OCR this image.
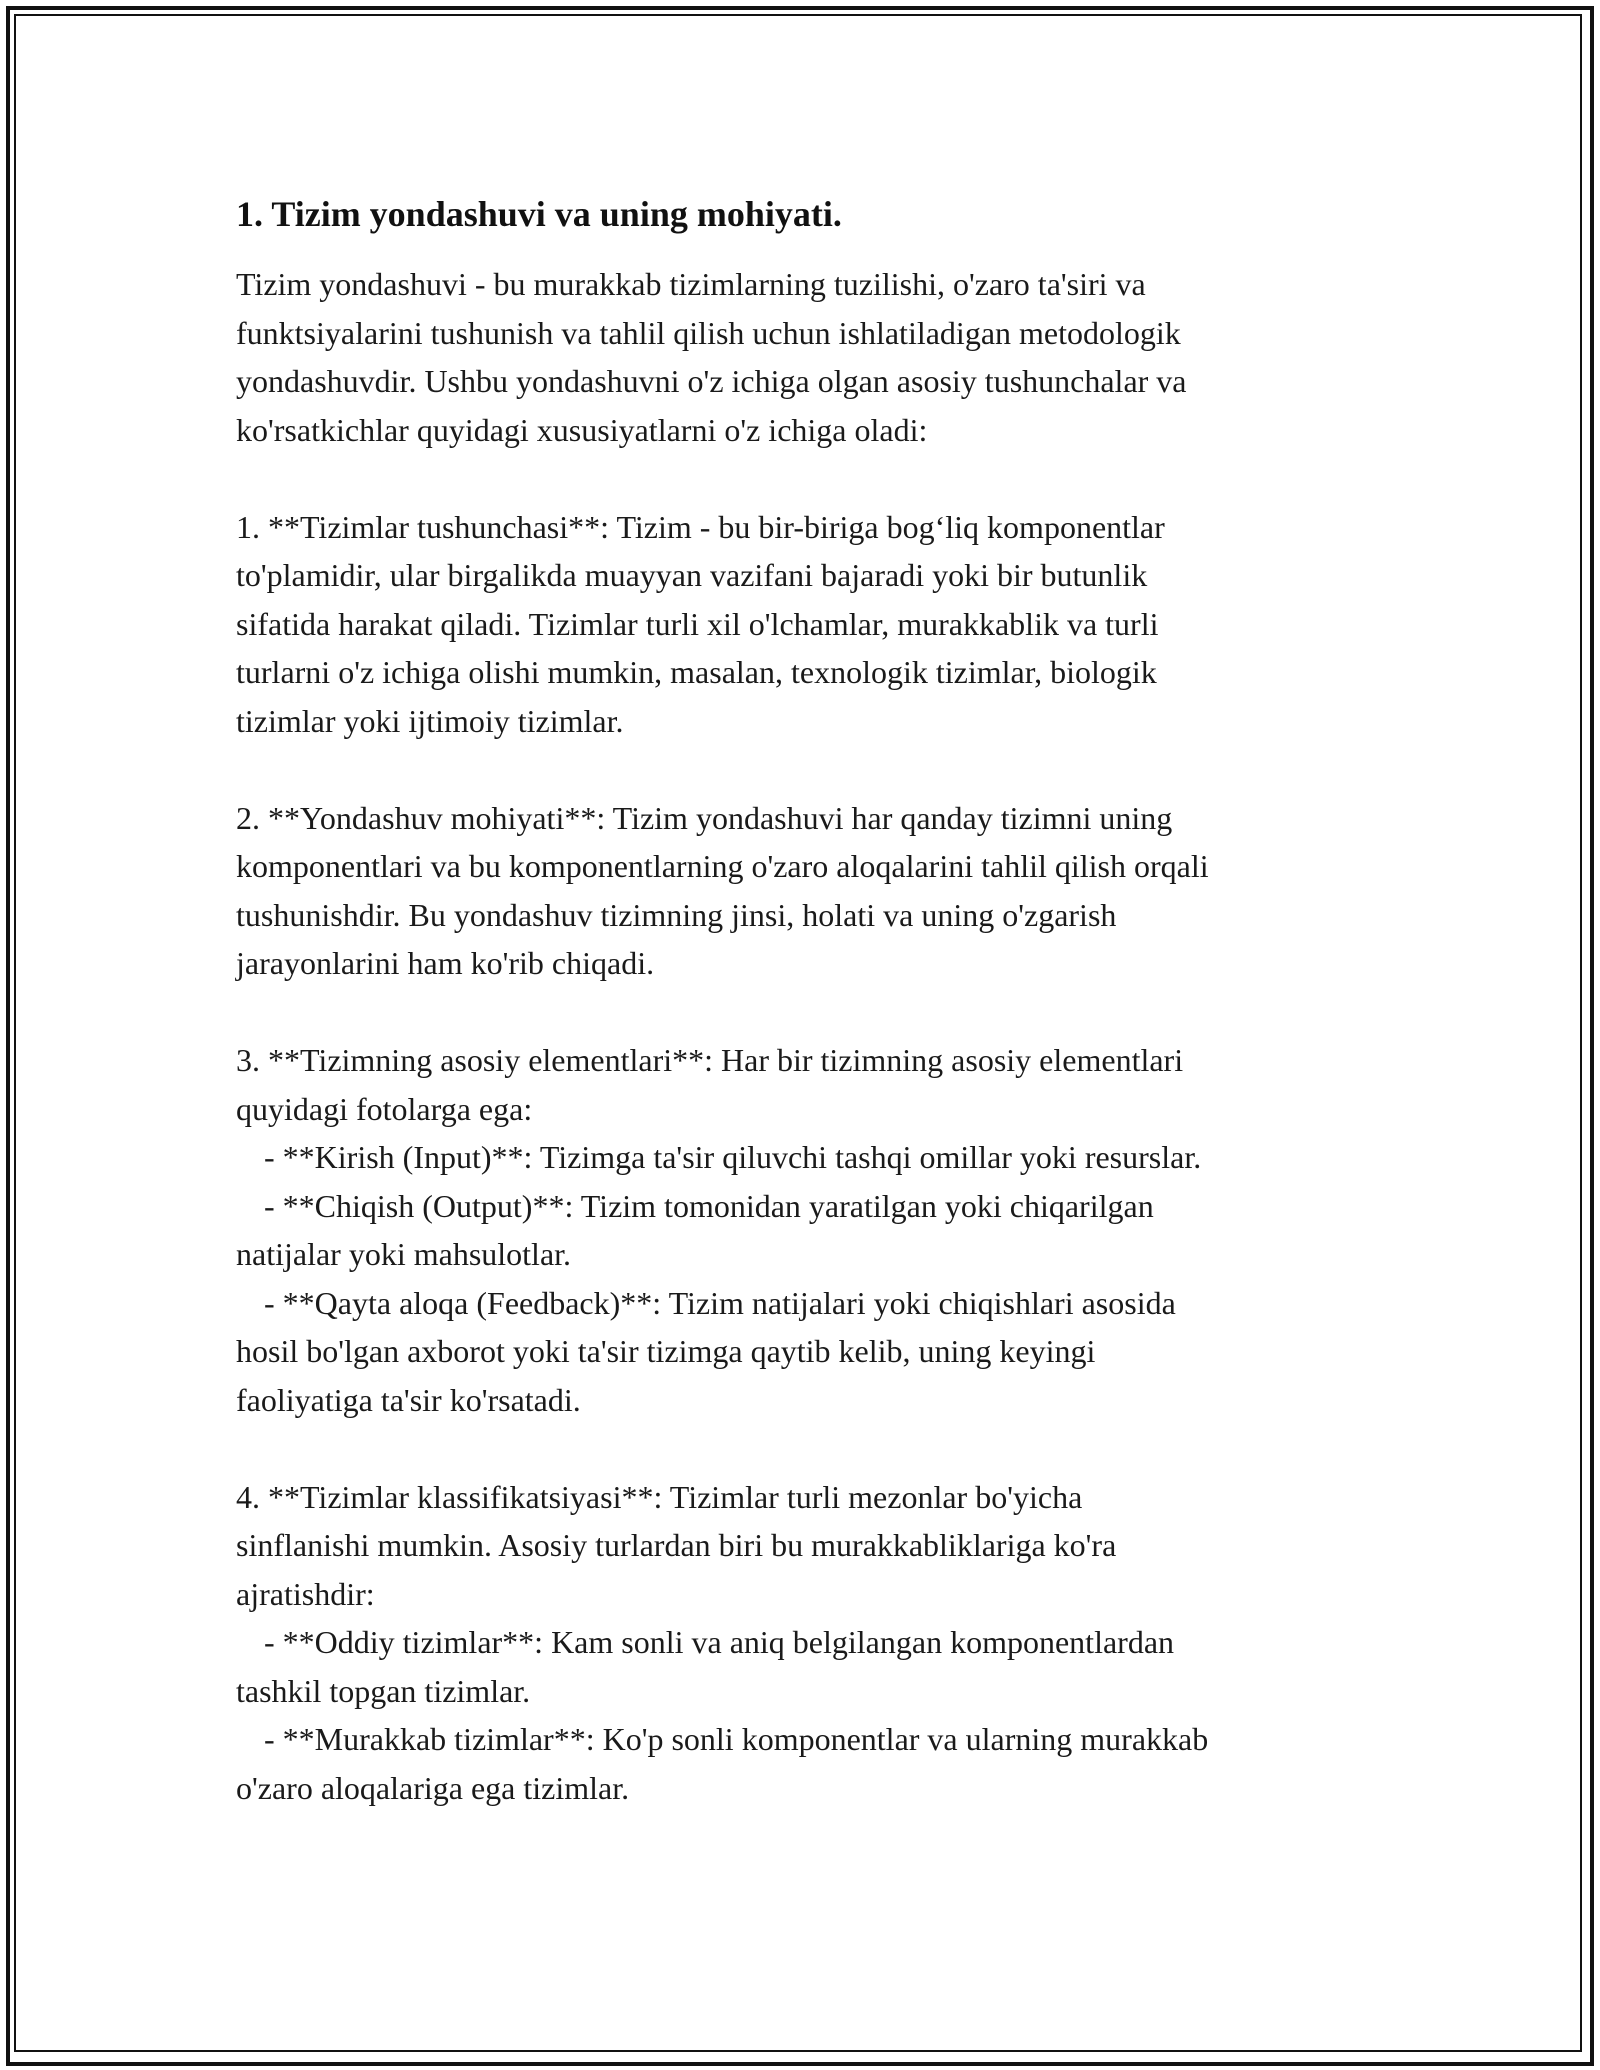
1. Tizim yondashuvi va uning mohiyati.
Tizim yondashuvi - bu murakkab tizimlarning tuzilishi, o'zaro ta'siri va
funktsiyalarini tushunish va tahlil qilish uchun ishlatiladigan metodologik
yondashuvdir. Ushbu yondashuvni o'z ichiga olgan asosiy tushunchalar va
ko'rsatkichlar quyidagi xususiyatlarni o'z ichiga oladi:
1. **Tizimlar tushunchasi**: Tizim - bu bir-biriga bog‘liq komponentlar
to'plamidir, ular birgalikda muayyan vazifani bajaradi yoki bir butunlik
sifatida harakat qiladi. Tizimlar turli xil o'lchamlar, murakkablik va turli
turlarni o'z ichiga olishi mumkin, masalan, texnologik tizimlar, biologik
tizimlar yoki ijtimoiy tizimlar.
2. **Yondashuv mohiyati**: Tizim yondashuvi har qanday tizimni uning
komponentlari va bu komponentlarning o'zaro aloqalarini tahlil qilish orqali
tushunishdir. Bu yondashuv tizimning jinsi, holati va uning o'zgarish
jarayonlarini ham ko'rib chiqadi.
3. **Tizimning asosiy elementlari**: Har bir tizimning asosiy elementlari
quyidagi fotolarga ega:
- **Kirish (Input)**: Tizimga ta'sir qiluvchi tashqi omillar yoki resurslar.
- **Chiqish (Output)**: Tizim tomonidan yaratilgan yoki chiqarilgan
natijalar yoki mahsulotlar.
- **Qayta aloqa (Feedback)**: Tizim natijalari yoki chiqishlari asosida
hosil bo'lgan axborot yoki ta'sir tizimga qaytib kelib, uning keyingi
faoliyatiga ta'sir ko'rsatadi.
4. **Tizimlar klassifikatsiyasi**: Tizimlar turli mezonlar bo'yicha
sinflanishi mumkin. Asosiy turlardan biri bu murakkabliklariga ko'ra
ajratishdir:
- **Oddiy tizimlar**: Kam sonli va aniq belgilangan komponentlardan
tashkil topgan tizimlar.
- **Murakkab tizimlar**: Ko'p sonli komponentlar va ularning murakkab
o'zaro aloqalariga ega tizimlar.
